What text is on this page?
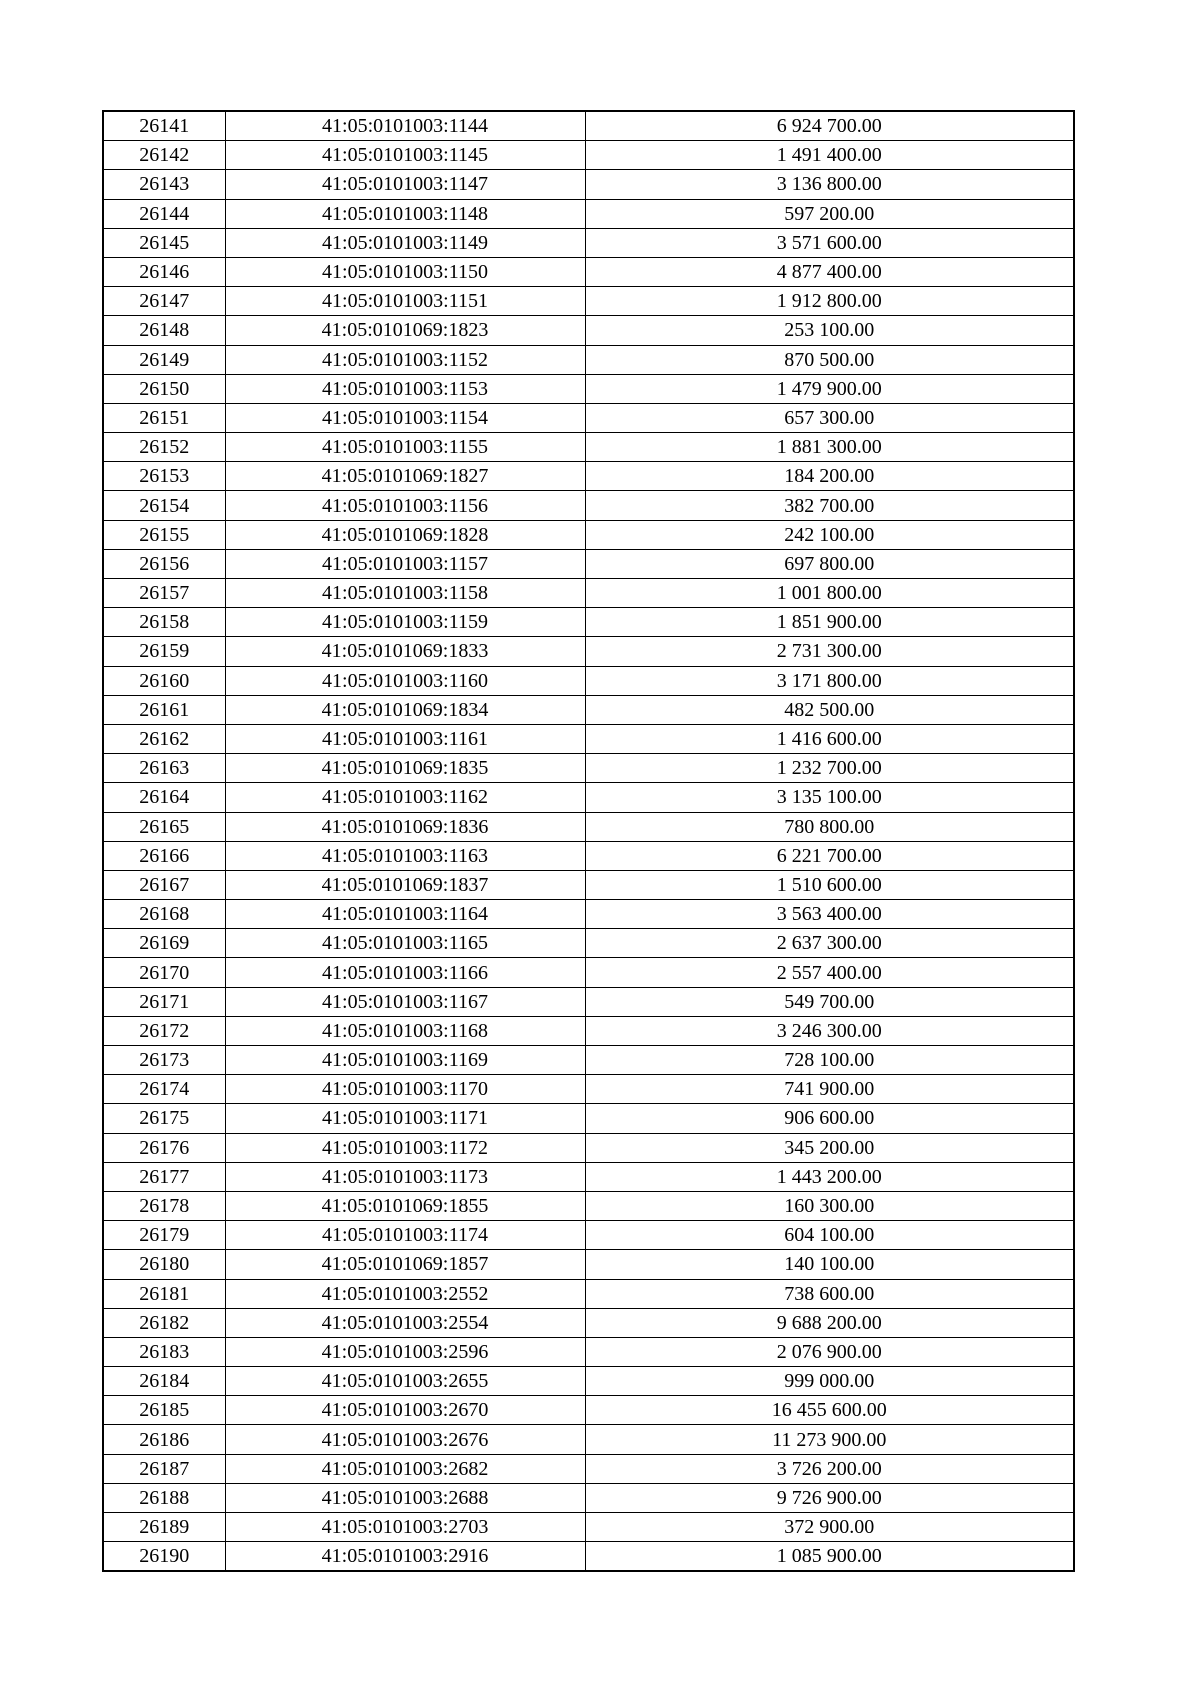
26141	41:05:0101003:1144	6 924 700.00
26142	41:05:0101003:1145	1 491 400.00
26143	41:05:0101003:1147	3 136 800.00
26144	41:05:0101003:1148	597 200.00
26145	41:05:0101003:1149	3 571 600.00
26146	41:05:0101003:1150	4 877 400.00
26147	41:05:0101003:1151	1 912 800.00
26148	41:05:0101069:1823	253 100.00
26149	41:05:0101003:1152	870 500.00
26150	41:05:0101003:1153	1 479 900.00
26151	41:05:0101003:1154	657 300.00
26152	41:05:0101003:1155	1 881 300.00
26153	41:05:0101069:1827	184 200.00
26154	41:05:0101003:1156	382 700.00
26155	41:05:0101069:1828	242 100.00
26156	41:05:0101003:1157	697 800.00
26157	41:05:0101003:1158	1 001 800.00
26158	41:05:0101003:1159	1 851 900.00
26159	41:05:0101069:1833	2 731 300.00
26160	41:05:0101003:1160	3 171 800.00
26161	41:05:0101069:1834	482 500.00
26162	41:05:0101003:1161	1 416 600.00
26163	41:05:0101069:1835	1 232 700.00
26164	41:05:0101003:1162	3 135 100.00
26165	41:05:0101069:1836	780 800.00
26166	41:05:0101003:1163	6 221 700.00
26167	41:05:0101069:1837	1 510 600.00
26168	41:05:0101003:1164	3 563 400.00
26169	41:05:0101003:1165	2 637 300.00
26170	41:05:0101003:1166	2 557 400.00
26171	41:05:0101003:1167	549 700.00
26172	41:05:0101003:1168	3 246 300.00
26173	41:05:0101003:1169	728 100.00
26174	41:05:0101003:1170	741 900.00
26175	41:05:0101003:1171	906 600.00
26176	41:05:0101003:1172	345 200.00
26177	41:05:0101003:1173	1 443 200.00
26178	41:05:0101069:1855	160 300.00
26179	41:05:0101003:1174	604 100.00
26180	41:05:0101069:1857	140 100.00
26181	41:05:0101003:2552	738 600.00
26182	41:05:0101003:2554	9 688 200.00
26183	41:05:0101003:2596	2 076 900.00
26184	41:05:0101003:2655	999 000.00
26185	41:05:0101003:2670	16 455 600.00
26186	41:05:0101003:2676	11 273 900.00
26187	41:05:0101003:2682	3 726 200.00
26188	41:05:0101003:2688	9 726 900.00
26189	41:05:0101003:2703	372 900.00
26190	41:05:0101003:2916	1 085 900.00
